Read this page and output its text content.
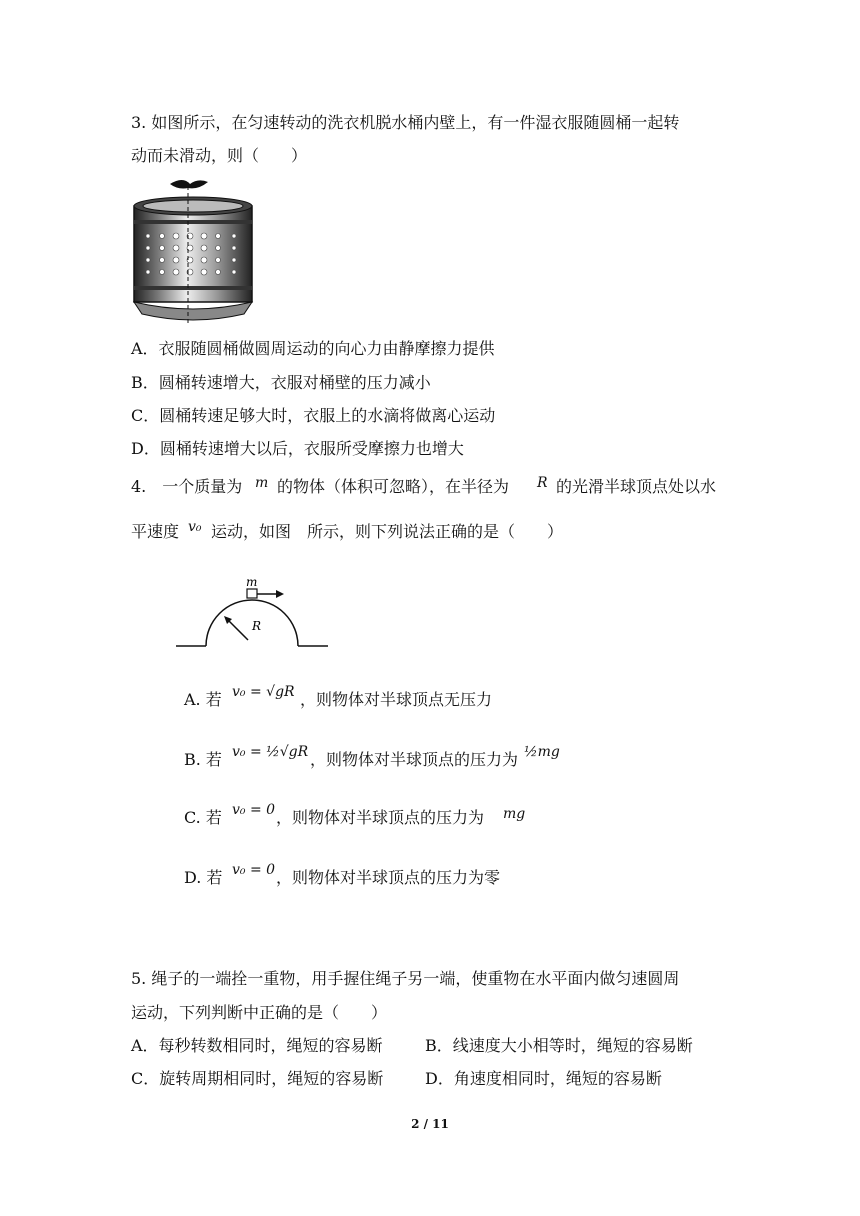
3. 如图所示，在匀速转动的洗衣机脱水桶内壁上，有一件湿衣服随圆桶一起转
动而未滑动，则（　　）
A．衣服随圆桶做圆周运动的向心力由静摩擦力提供
B．圆桶转速增大，衣服对桶壁的压力减小
C．圆桶转速足够大时，衣服上的水滴将做离心运动
D．圆桶转速增大以后，衣服所受摩擦力也增大
4.　一个质量为 m 的物体（体积可忽略），在半径为 R 的光滑半球顶点处以水
平速度 v₀ 运动，如图　所示，则下列说法正确的是（　　）
m
R
A. 若 v₀ = √gR ，则物体对半球顶点无压力
B. 若 v₀ = ½√gR ，则物体对半球顶点的压力为 ½mg
C. 若 v₀ = 0 ，则物体对半球顶点的压力为 mg
D. 若 v₀ = 0 ，则物体对半球顶点的压力为零
5. 绳子的一端拴一重物，用手握住绳子另一端，使重物在水平面内做匀速圆周
运动，下列判断中正确的是（　　）
A．每秒转数相同时，绳短的容易断	B．线速度大小相等时，绳短的容易断
C．旋转周期相同时，绳短的容易断	D．角速度相同时，绳短的容易断
2 / 11
